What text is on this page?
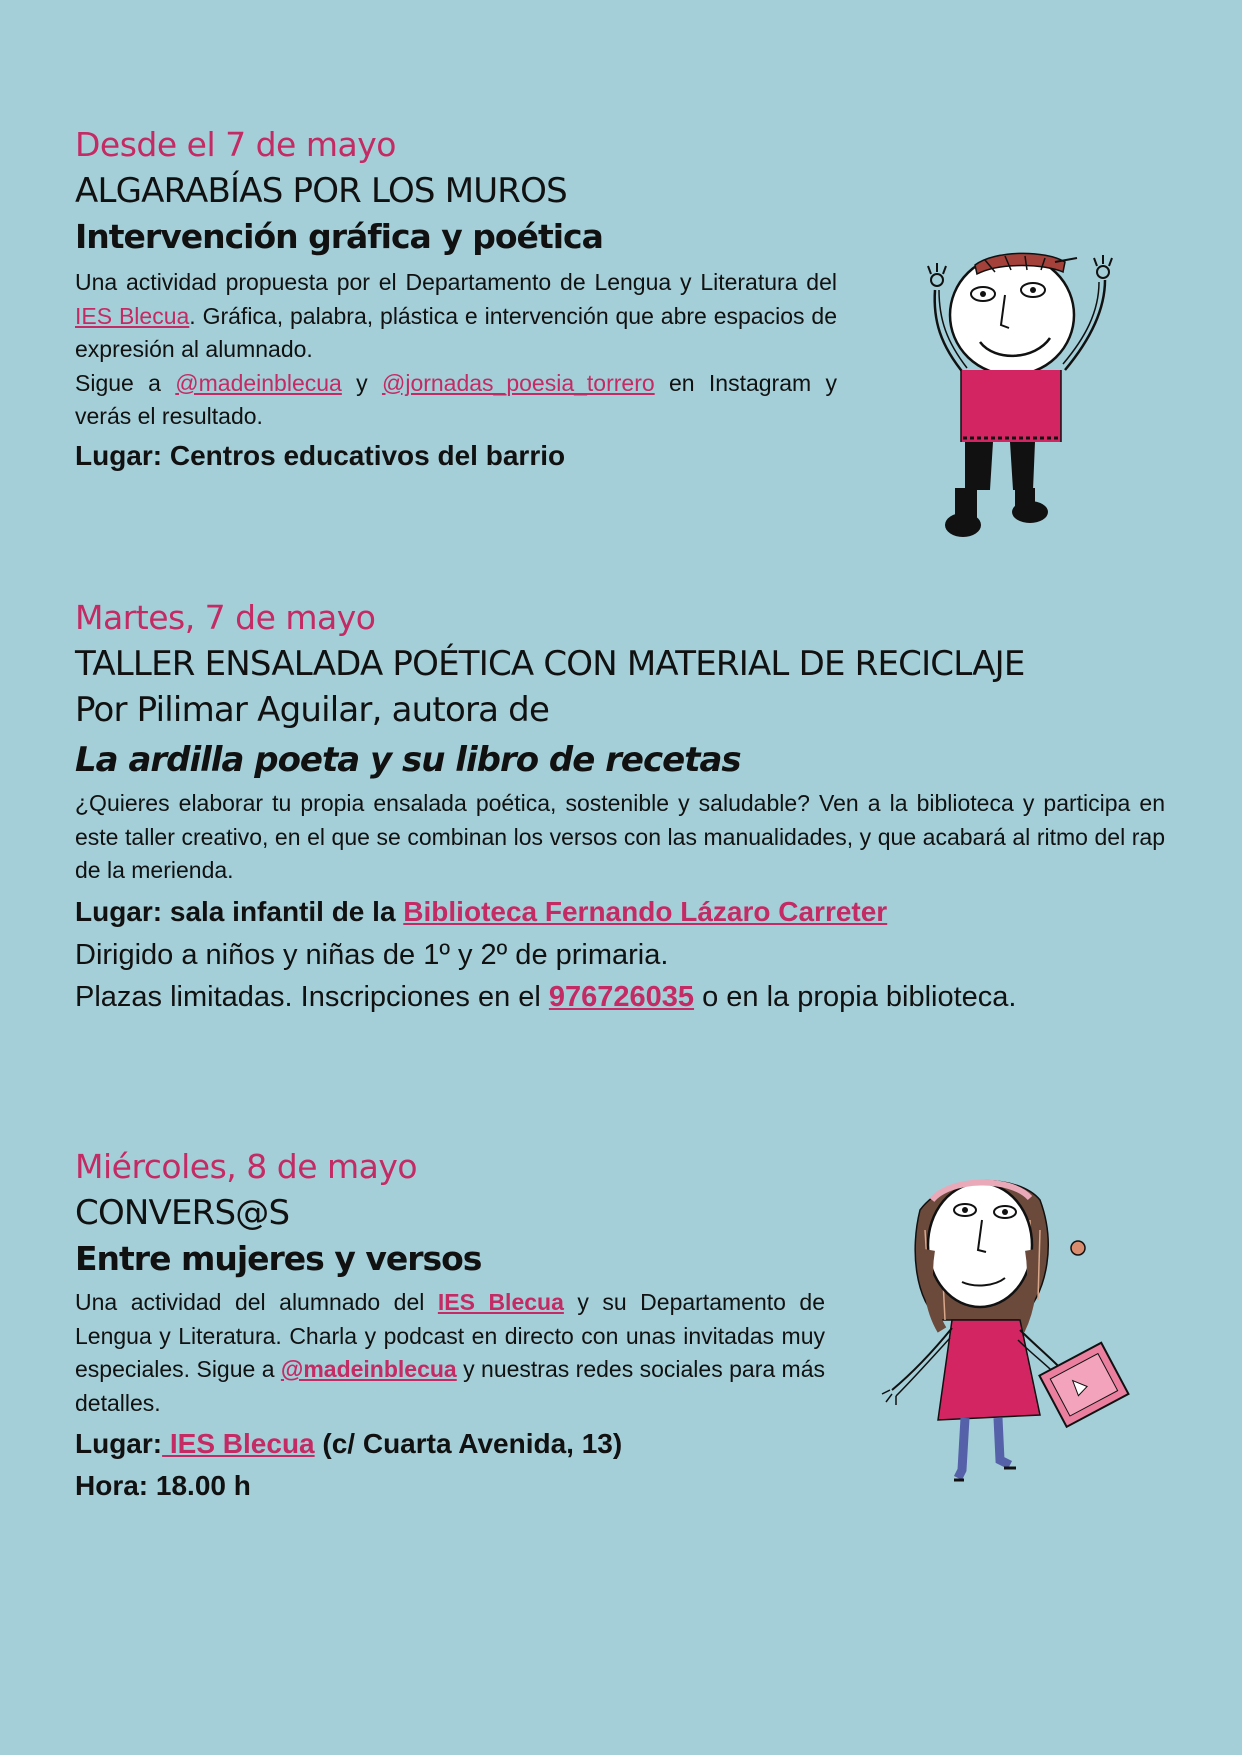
Desde el 7 de mayo
ALGARABÍAS POR LOS MUROS
Intervención gráfica y poética

Una actividad propuesta por el Departamento de Lengua y Literatura del IES Blecua. Gráfica, palabra, plástica e intervención que abre espacios de expresión al alumnado.

Sigue a @madeinblecua y @jornadas_poesia_torrero en Instagram y verás el resultado.

Lugar: Centros educativos del barrio
Martes, 7 de mayo
TALLER ENSALADA POÉTICA CON MATERIAL DE RECICLAJE
Por Pilimar Aguilar, autora de
La ardilla poeta y su libro de recetas
¿Quieres elaborar tu propia ensalada poética, sostenible y saludable? Ven a la biblioteca y participa en este taller creativo, en el que se combinan los versos con las manualidades, y que acabará al ritmo del rap de la merienda.
Lugar: sala infantil de la Biblioteca Fernando Lázaro Carreter
Dirigido a niños y niñas de 1º y 2º de primaria.
Plazas limitadas. Inscripciones en el 976726035 o en la propia biblioteca.
Miércoles, 8 de mayo
CONVERS@S
Entre mujeres y versos

Una actividad del alumnado del IES Blecua y su Departamento de Lengua y Literatura. Charla y podcast en directo con unas invitadas muy especiales. Sigue a @madeinblecua y nuestras redes sociales para más detalles.

Lugar: IES Blecua (c/ Cuarta Avenida, 13)
Hora: 18.00 h
